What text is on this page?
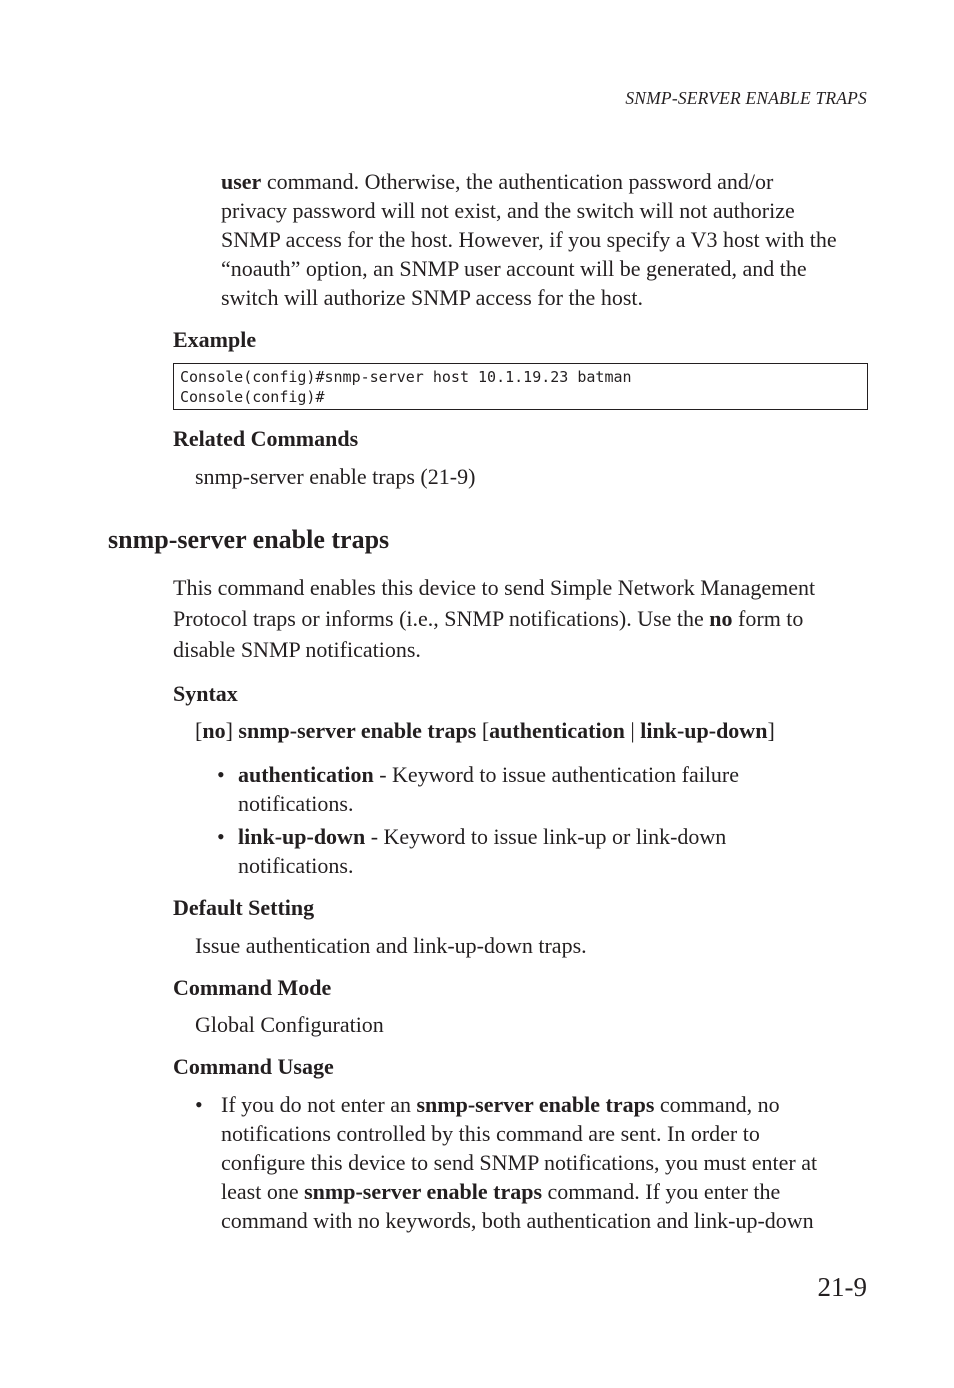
SNMP-SERVER ENABLE TRAPS
user command. Otherwise, the authentication password and/or
privacy password will not exist, and the switch will not authorize
SNMP access for the host. However, if you specify a V3 host with the
“noauth” option, an SNMP user account will be generated, and the
switch will authorize SNMP access for the host.
Example
Console(config)#snmp-server host 10.1.19.23 batman
Console(config)#
Related Commands
snmp-server enable traps (21-9)
snmp-server enable traps
This command enables this device to send Simple Network Management
Protocol traps or informs (i.e., SNMP notifications). Use the no form to
disable SNMP notifications.
Syntax
[no] snmp-server enable traps [authentication | link-up-down]
• authentication - Keyword to issue authentication failure
notifications.
• link-up-down - Keyword to issue link-up or link-down
notifications.
Default Setting
Issue authentication and link-up-down traps.
Command Mode
Global Configuration
Command Usage
• If you do not enter an snmp-server enable traps command, no
notifications controlled by this command are sent. In order to
configure this device to send SNMP notifications, you must enter at
least one snmp-server enable traps command. If you enter the
command with no keywords, both authentication and link-up-down
21-9
